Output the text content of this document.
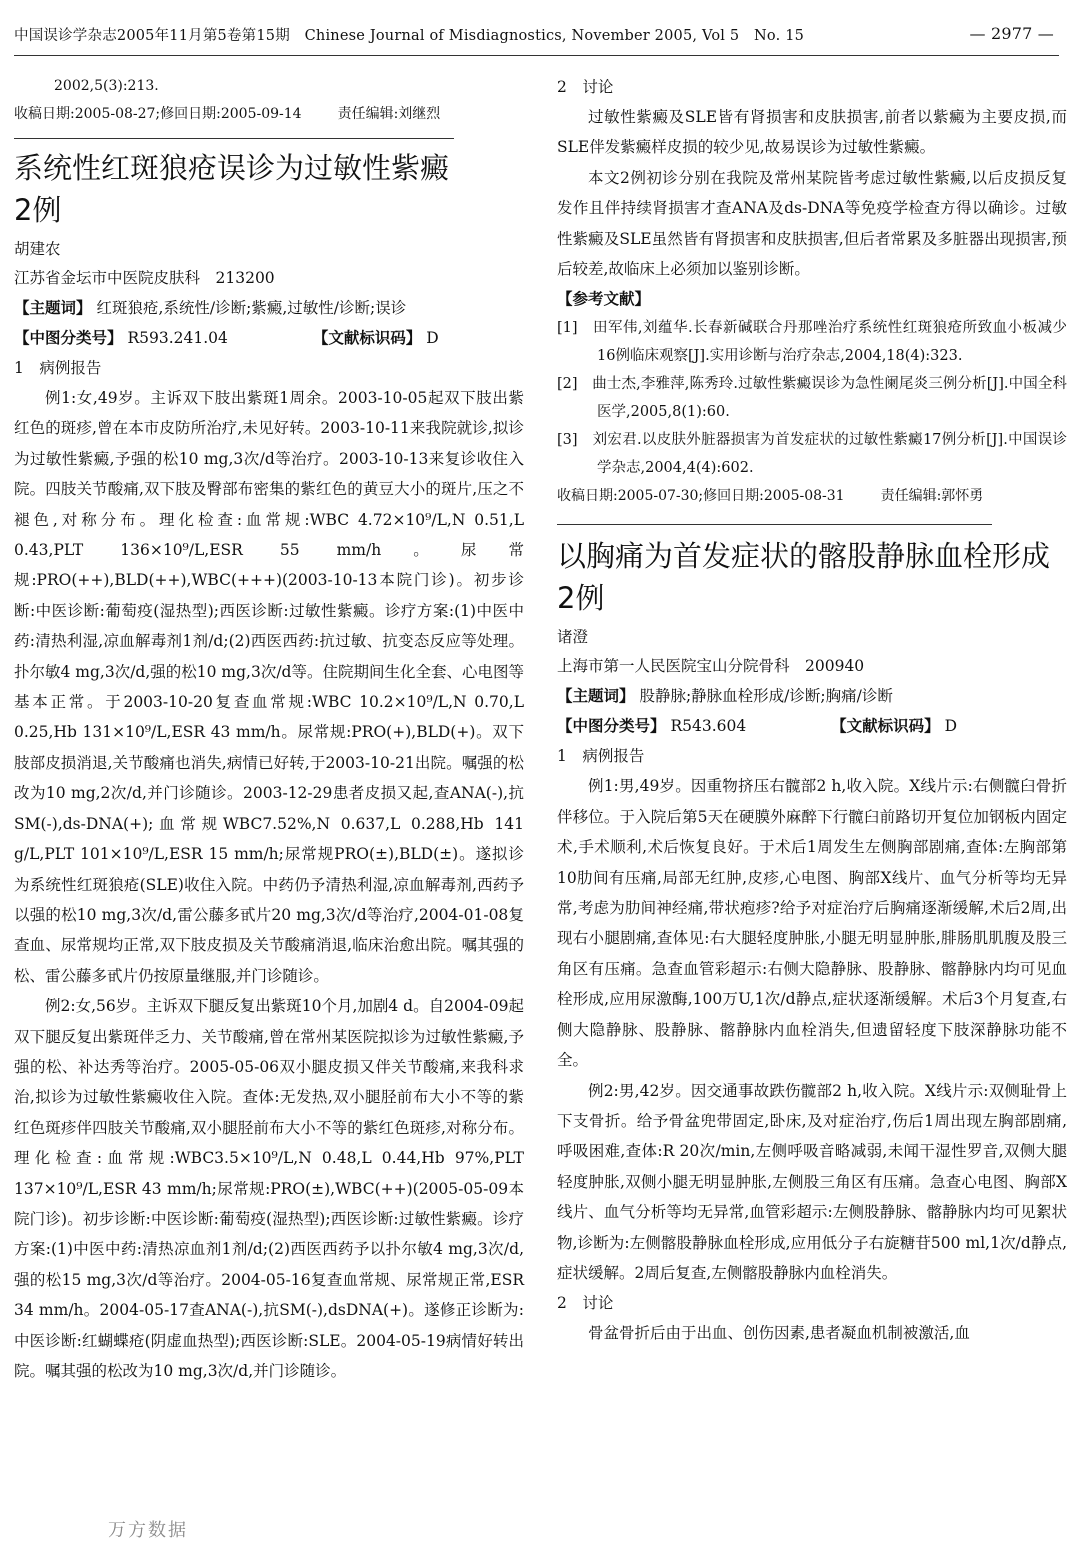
中国误诊学杂志2005年11月第5卷第15期　Chinese Journal of Misdiagnostics, November 2005, Vol 5　No. 15	— 2977 —

2002,5(3):213.

收稿日期:2005-08-27;修回日期:2005-09-14	责任编辑:刘继烈

系统性红斑狼疮误诊为过敏性紫癜2例

胡建农

江苏省金坛市中医院皮肤科　213200

【主题词】 红斑狼疮,系统性/诊断;紫癜,过敏性/诊断;误诊

【中图分类号】 R593.241.04	【文献标识码】 D

1　病例报告

例1:女,49岁。主诉双下肢出紫斑1周余。2003-10-05起双下肢出紫红色的斑疹,曾在本市皮防所治疗,未见好转。2003-10-11来我院就诊,拟诊为过敏性紫癜,予强的松10 mg,3次/d等治疗。2003-10-13来复诊收住入院。四肢关节酸痛,双下肢及臀部布密集的紫红色的黄豆大小的斑片,压之不褪色,对称分布。理化检查:血常规:WBC 4.72×10⁹/L,N 0.51,L 0.43,PLT 136×10⁹/L,ESR 55 mm/h。尿常规:PRO(++),BLD(++),WBC(+++)(2003-10-13本院门诊)。初步诊断:中医诊断:葡萄疫(湿热型);西医诊断:过敏性紫癜。诊疗方案:(1)中医中药:清热利湿,凉血解毒剂1剂/d;(2)西医西药:抗过敏、抗变态反应等处理。扑尔敏4 mg,3次/d,强的松10 mg,3次/d等。住院期间生化全套、心电图等基本正常。于2003-10-20复查血常规:WBC 10.2×10⁹/L,N 0.70,L 0.25,Hb 131×10⁹/L,ESR 43 mm/h。尿常规:PRO(+),BLD(+)。双下肢部皮损消退,关节酸痛也消失,病情已好转,于2003-10-21出院。嘱强的松改为10 mg,2次/d,并门诊随诊。2003-12-29患者皮损又起,查ANA(-),抗SM(-),ds-DNA(+);血常规WBC7.52%,N 0.637,L 0.288,Hb 141 g/L,PLT 101×10⁹/L,ESR 15 mm/h;尿常规PRO(±),BLD(±)。遂拟诊为系统性红斑狼疮(SLE)收住入院。中药仍予清热利湿,凉血解毒剂,西药予以强的松10 mg,3次/d,雷公藤多甙片20 mg,3次/d等治疗,2004-01-08复查血、尿常规均正常,双下肢皮损及关节酸痛消退,临床治愈出院。嘱其强的松、雷公藤多甙片仍按原量继服,并门诊随诊。

例2:女,56岁。主诉双下腿反复出紫斑10个月,加剧4 d。自2004-09起双下腿反复出紫斑伴乏力、关节酸痛,曾在常州某医院拟诊为过敏性紫癜,予强的松、补达秀等治疗。2005-05-06双小腿皮损又伴关节酸痛,来我科求治,拟诊为过敏性紫癜收住入院。查体:无发热,双小腿胫前布大小不等的紫红色斑疹伴四肢关节酸痛,双小腿胫前布大小不等的紫红色斑疹,对称分布。理化检查:血常规:WBC3.5×10⁹/L,N 0.48,L 0.44,Hb 97%,PLT 137×10⁹/L,ESR 43 mm/h;尿常规:PRO(±),WBC(++)(2005-05-09本院门诊)。初步诊断:中医诊断:葡萄疫(湿热型);西医诊断:过敏性紫癜。诊疗方案:(1)中医中药:清热凉血剂1剂/d;(2)西医西药予以扑尔敏4 mg,3次/d,强的松15 mg,3次/d等治疗。2004-05-16复查血常规、尿常规正常,ESR 34 mm/h。2004-05-17查ANA(-),抗SM(-),dsDNA(+)。遂修正诊断为:中医诊断:红蝴蝶疮(阴虚血热型);西医诊断:SLE。2004-05-19病情好转出院。嘱其强的松改为10 mg,3次/d,并门诊随诊。

2　讨论

过敏性紫癜及SLE皆有肾损害和皮肤损害,前者以紫癜为主要皮损,而SLE伴发紫癜样皮损的较少见,故易误诊为过敏性紫癜。

本文2例初诊分别在我院及常州某院皆考虑过敏性紫癜,以后皮损反复发作且伴持续肾损害才查ANA及ds-DNA等免疫学检查方得以确诊。过敏性紫癜及SLE虽然皆有肾损害和皮肤损害,但后者常累及多脏器出现损害,预后较差,故临床上必须加以鉴别诊断。

【参考文献】

[1]　田军伟,刘蕴华.长春新碱联合丹那唑治疗系统性红斑狼疮所致血小板减少16例临床观察[J].实用诊断与治疗杂志,2004,18(4):323.

[2]　曲士杰,李雅萍,陈秀玲.过敏性紫癜误诊为急性阑尾炎三例分析[J].中国全科医学,2005,8(1):60.

[3]　刘宏君.以皮肤外脏器损害为首发症状的过敏性紫癜17例分析[J].中国误诊学杂志,2004,4(4):602.

收稿日期:2005-07-30;修回日期:2005-08-31	责任编辑:郭怀勇

以胸痛为首发症状的髂股静脉血栓形成2例

诸澄

上海市第一人民医院宝山分院骨科　200940

【主题词】 股静脉;静脉血栓形成/诊断;胸痛/诊断

【中图分类号】 R543.604	【文献标识码】 D

1　病例报告

例1:男,49岁。因重物挤压右髋部2 h,收入院。X线片示:右侧髋臼骨折伴移位。于入院后第5天在硬膜外麻醉下行髋臼前路切开复位加钢板内固定术,手术顺利,术后恢复良好。于术后1周发生左侧胸部剧痛,查体:左胸部第10肋间有压痛,局部无红肿,皮疹,心电图、胸部X线片、血气分析等均无异常,考虑为肋间神经痛,带状疱疹?给予对症治疗后胸痛逐渐缓解,术后2周,出现右小腿剧痛,查体见:右大腿轻度肿胀,小腿无明显肿胀,腓肠肌肌腹及股三角区有压痛。急查血管彩超示:右侧大隐静脉、股静脉、髂静脉内均可见血栓形成,应用尿激酶,100万U,1次/d静点,症状逐渐缓解。术后3个月复查,右侧大隐静脉、股静脉、髂静脉内血栓消失,但遗留轻度下肢深静脉功能不全。

例2:男,42岁。因交通事故跌伤髋部2 h,收入院。X线片示:双侧耻骨上下支骨折。给予骨盆兜带固定,卧床,及对症治疗,伤后1周出现左胸部剧痛,呼吸困难,查体:R 20次/min,左侧呼吸音略减弱,未闻干湿性罗音,双侧大腿轻度肿胀,双侧小腿无明显肿胀,左侧股三角区有压痛。急查心电图、胸部X线片、血气分析等均无异常,血管彩超示:左侧股静脉、髂静脉内均可见絮状物,诊断为:左侧髂股静脉血栓形成,应用低分子右旋糖苷500 ml,1次/d静点,症状缓解。2周后复查,左侧髂股静脉内血栓消失。

2　讨论

骨盆骨折后由于出血、创伤因素,患者凝血机制被激活,血

万方数据
